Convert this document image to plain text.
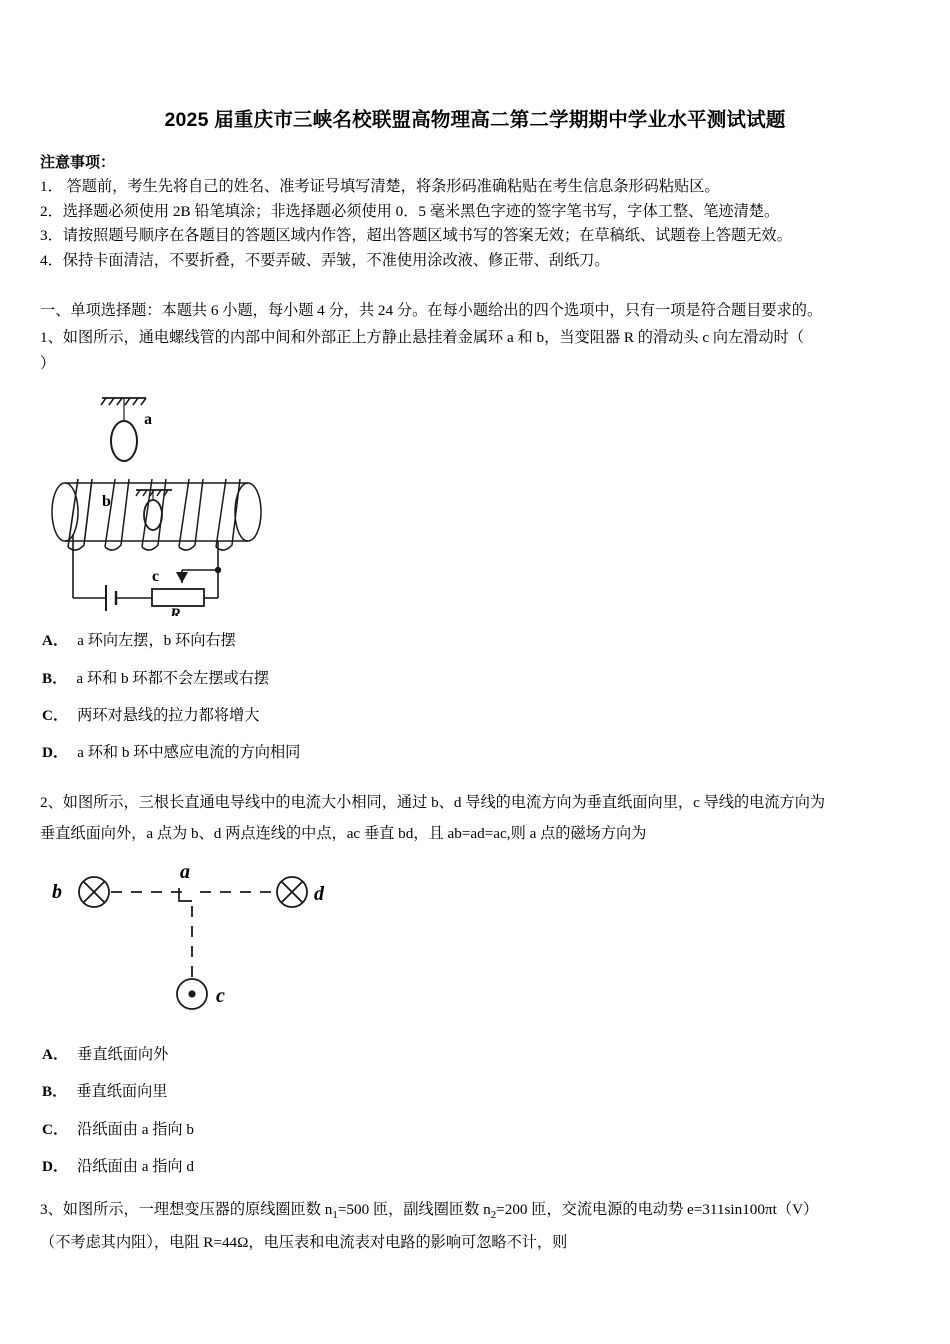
2025 届重庆市三峡名校联盟高物理高二第二学期期中学业水平测试试题
注意事项：
1． 答题前，考生先将自己的姓名、准考证号填写清楚，将条形码准确粘贴在考生信息条形码粘贴区。
2．选择题必须使用 2B 铅笔填涂；非选择题必须使用 0．5 毫米黑色字迹的签字笔书写，字体工整、笔迹清楚。
3．请按照题号顺序在各题目的答题区域内作答，超出答题区域书写的答案无效；在草稿纸、试题卷上答题无效。
4．保持卡面清洁，不要折叠，不要弄破、弄皱，不准使用涂改液、修正带、刮纸刀。
一、单项选择题：本题共 6 小题，每小题 4 分，共 24 分。在每小题给出的四个选项中，只有一项是符合题目要求的。
1、如图所示，通电螺线管的内部中间和外部正上方静止悬挂着金属环 a 和 b，当变阻器 R 的滑动头 c 向左滑动时（
）
a
b
c
R
A． a 环向左摆，b 环向右摆
B． a 环和 b 环都不会左摆或右摆
C． 两环对悬线的拉力都将增大
D． a 环和 b 环中感应电流的方向相同
2、如图所示，三根长直通电导线中的电流大小相同，通过 b、d 导线的电流方向为垂直纸面向里，c 导线的电流方向为
垂直纸面向外，a 点为 b、d 两点连线的中点，ac 垂直 bd，且 ab=ad=ac,则 a 点的磁场方向为
b
a
d
c
A． 垂直纸面向外
B． 垂直纸面向里
C． 沿纸面由 a 指向 b
D． 沿纸面由 a 指向 d
3、如图所示，一理想变压器的原线圈匝数 $n_1=500$ 匝，副线圈匝数 $n_2=200$ 匝，交流电源的电动势 e=311sin100πt（V）
（不考虑其内阻），电阻 R=44Ω，电压表和电流表对电路的影响可忽略不计，则
